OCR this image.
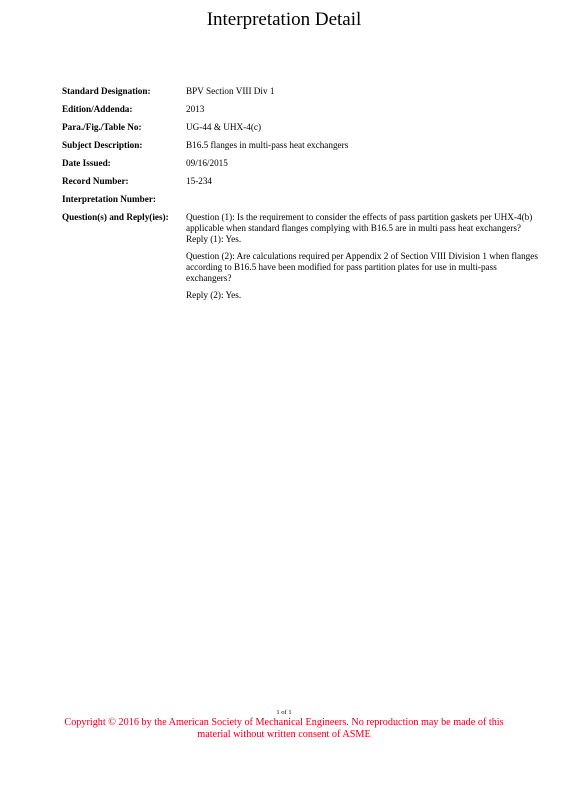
Interpretation Detail
Standard Designation:	BPV Section VIII Div 1
Edition/Addenda:	2013
Para./Fig./Table No:	UG-44 & UHX-4(c)
Subject Description:	B16.5 flanges in multi-pass heat exchangers
Date Issued:	09/16/2015
Record Number:	15-234
Interpretation Number:
Question(s) and Reply(ies):	Question (1): Is the requirement to consider the effects of pass partition gaskets per UHX-4(b) applicable when standard flanges complying with B16.5 are in multi pass heat exchangers?
Reply (1): Yes.

Question (2): Are calculations required per Appendix 2 of Section VIII Division 1 when flanges according to B16.5 have been modified for pass partition plates for use in multi-pass exchangers?

Reply (2): Yes.

1 of 1
Copyright © 2016 by the American Society of Mechanical Engineers. No reproduction may be made of this
material without written consent of ASME
